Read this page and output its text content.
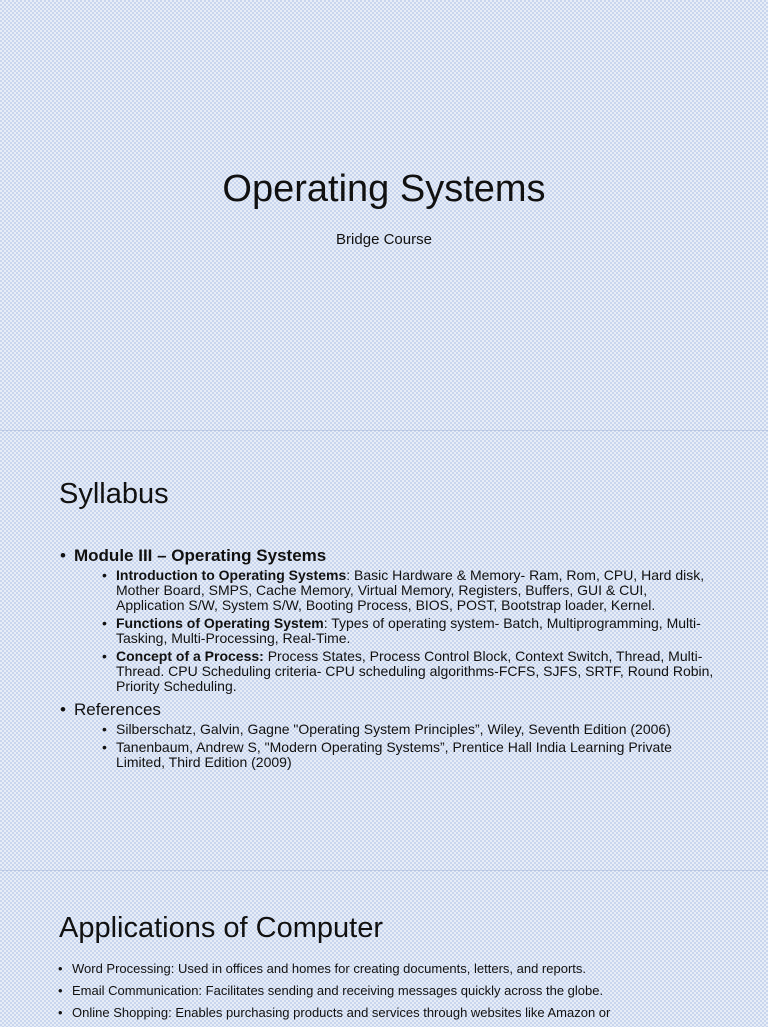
Operating Systems

Bridge Course

Syllabus
• Module III – Operating Systems
• Introduction to Operating Systems: Basic Hardware & Memory- Ram, Rom, CPU, Hard disk, Mother Board, SMPS, Cache Memory, Virtual Memory, Registers, Buffers, GUI & CUI, Application S/W, System S/W, Booting Process, BIOS, POST, Bootstrap loader, Kernel.
• Functions of Operating System: Types of operating system- Batch, Multiprogramming, Multi-Tasking, Multi-Processing, Real-Time.
• Concept of a Process: Process States, Process Control Block, Context Switch, Thread, Multi-Thread. CPU Scheduling criteria- CPU scheduling algorithms-FCFS, SJFS, SRTF, Round Robin, Priority Scheduling.
• References
• Silberschatz, Galvin, Gagne "Operating System Principles”, Wiley, Seventh Edition (2006)
• Tanenbaum, Andrew S, "Modern Operating Systems”, Prentice Hall India Learning Private Limited, Third Edition (2009)
Applications of Computer
• Word Processing: Used in offices and homes for creating documents, letters, and reports.
• Email Communication: Facilitates sending and receiving messages quickly across the globe.
• Online Shopping: Enables purchasing products and services through websites like Amazon or
